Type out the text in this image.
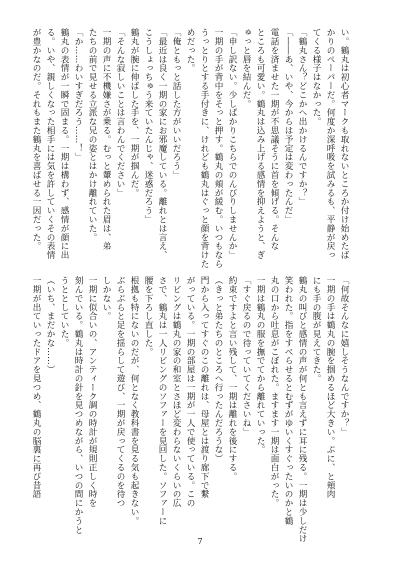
い。鶴丸は初心者マークも取れないところか付け始めたば
かりのペーパーだ。何度か深呼吸を試みるも、平静が戻っ
てくる様子はなかった。
「鶴丸さん？どこかへ出かけるんですか？」
「――あ、いや、今からは予定は変わったんだ」
電話を済ませた一期が不思議そうに首を傾げる。そんな
ところも可愛い。鶴丸は込み上げる感情を抑えようと、ぎ
ゅっと唇を結んだ。
「申し訳ない。少しばかりこちらでのんびりしませんか」
一期の手が背中をそっと押す。鶴丸の頬が緩む。いつもなら
うっとりとする手付きに、けれども鶴丸はぐっと顔を背けた
めだった。
「俺ともっと話した方がいいだろう」
「最近は良く一期の家にお邪魔している。離れとは言え、
こうしょっちゅう来ていたんじゃ、迷惑だろう」
鶴丸が腕に伸ばした手を、一期が掴んだ。
「そんな寂しいことは言わんでください」
一期の声に不機嫌さが乗る。むっと顰められた眉は、弟
たちの前で見せる立派な兄の姿とはかけ離れていた。
「か……わいすぎだろう……！」
鶴丸の表情が一瞬で固まる。一期は構わず、感情が顔に出
る。いや、親しくなった相手には気を許していくその表情
が豊かなのだ。それもまた鶴丸を喜ばせる一因だった。
「何故そんなに嬉しそうなんですか？」
一期の手は鶴丸の腕を掴めるほど大きい。ぷに、と頬肉
にも手の腹が見えてきた。
鶴丸の叫びと感情の声が何とも言えずに耳に残る。一期は少しだけ
笑われた。指をすべらせるとむずがゆいくすぐったいのかと鶴
丸の口から吐息がこぼれた。ますます一期は面白がった。
一期は鶴丸の服を撫でてから離れていった。
「すぐ戻るので待っていてくださいね」
約束ですよと言い残して、一期は離れを後にする。
（きっと弟たちのところへ行ったんだろうな）
門から入ってすぐのこの離れは、母屋とは渡り廊下で繋
がっている。一期の部屋は一期が一人で使っている。この
リビングは鶴丸の家の和室とさほど変わらないくらいの広
さで、鶴丸は一人リビングのソファーを見回した。ソファーに
腰を下ろし直した。
根拠も特にないのだが、何となく教科書を見る気も起きない。
ぶらぶらと足を揺らして遊び、一期が戻ってくるのを待つ
しかない。
一期に似合いの、アンティーク調の時計が規則正しく時を
刻んでいる。鶴丸は時計の針を見つめながら、いつの間にかうと
うととしていた。
（いち、まだかな……）
一期が出ていったドアを見つめ、鶴丸の脳裏に再び昔語
7
